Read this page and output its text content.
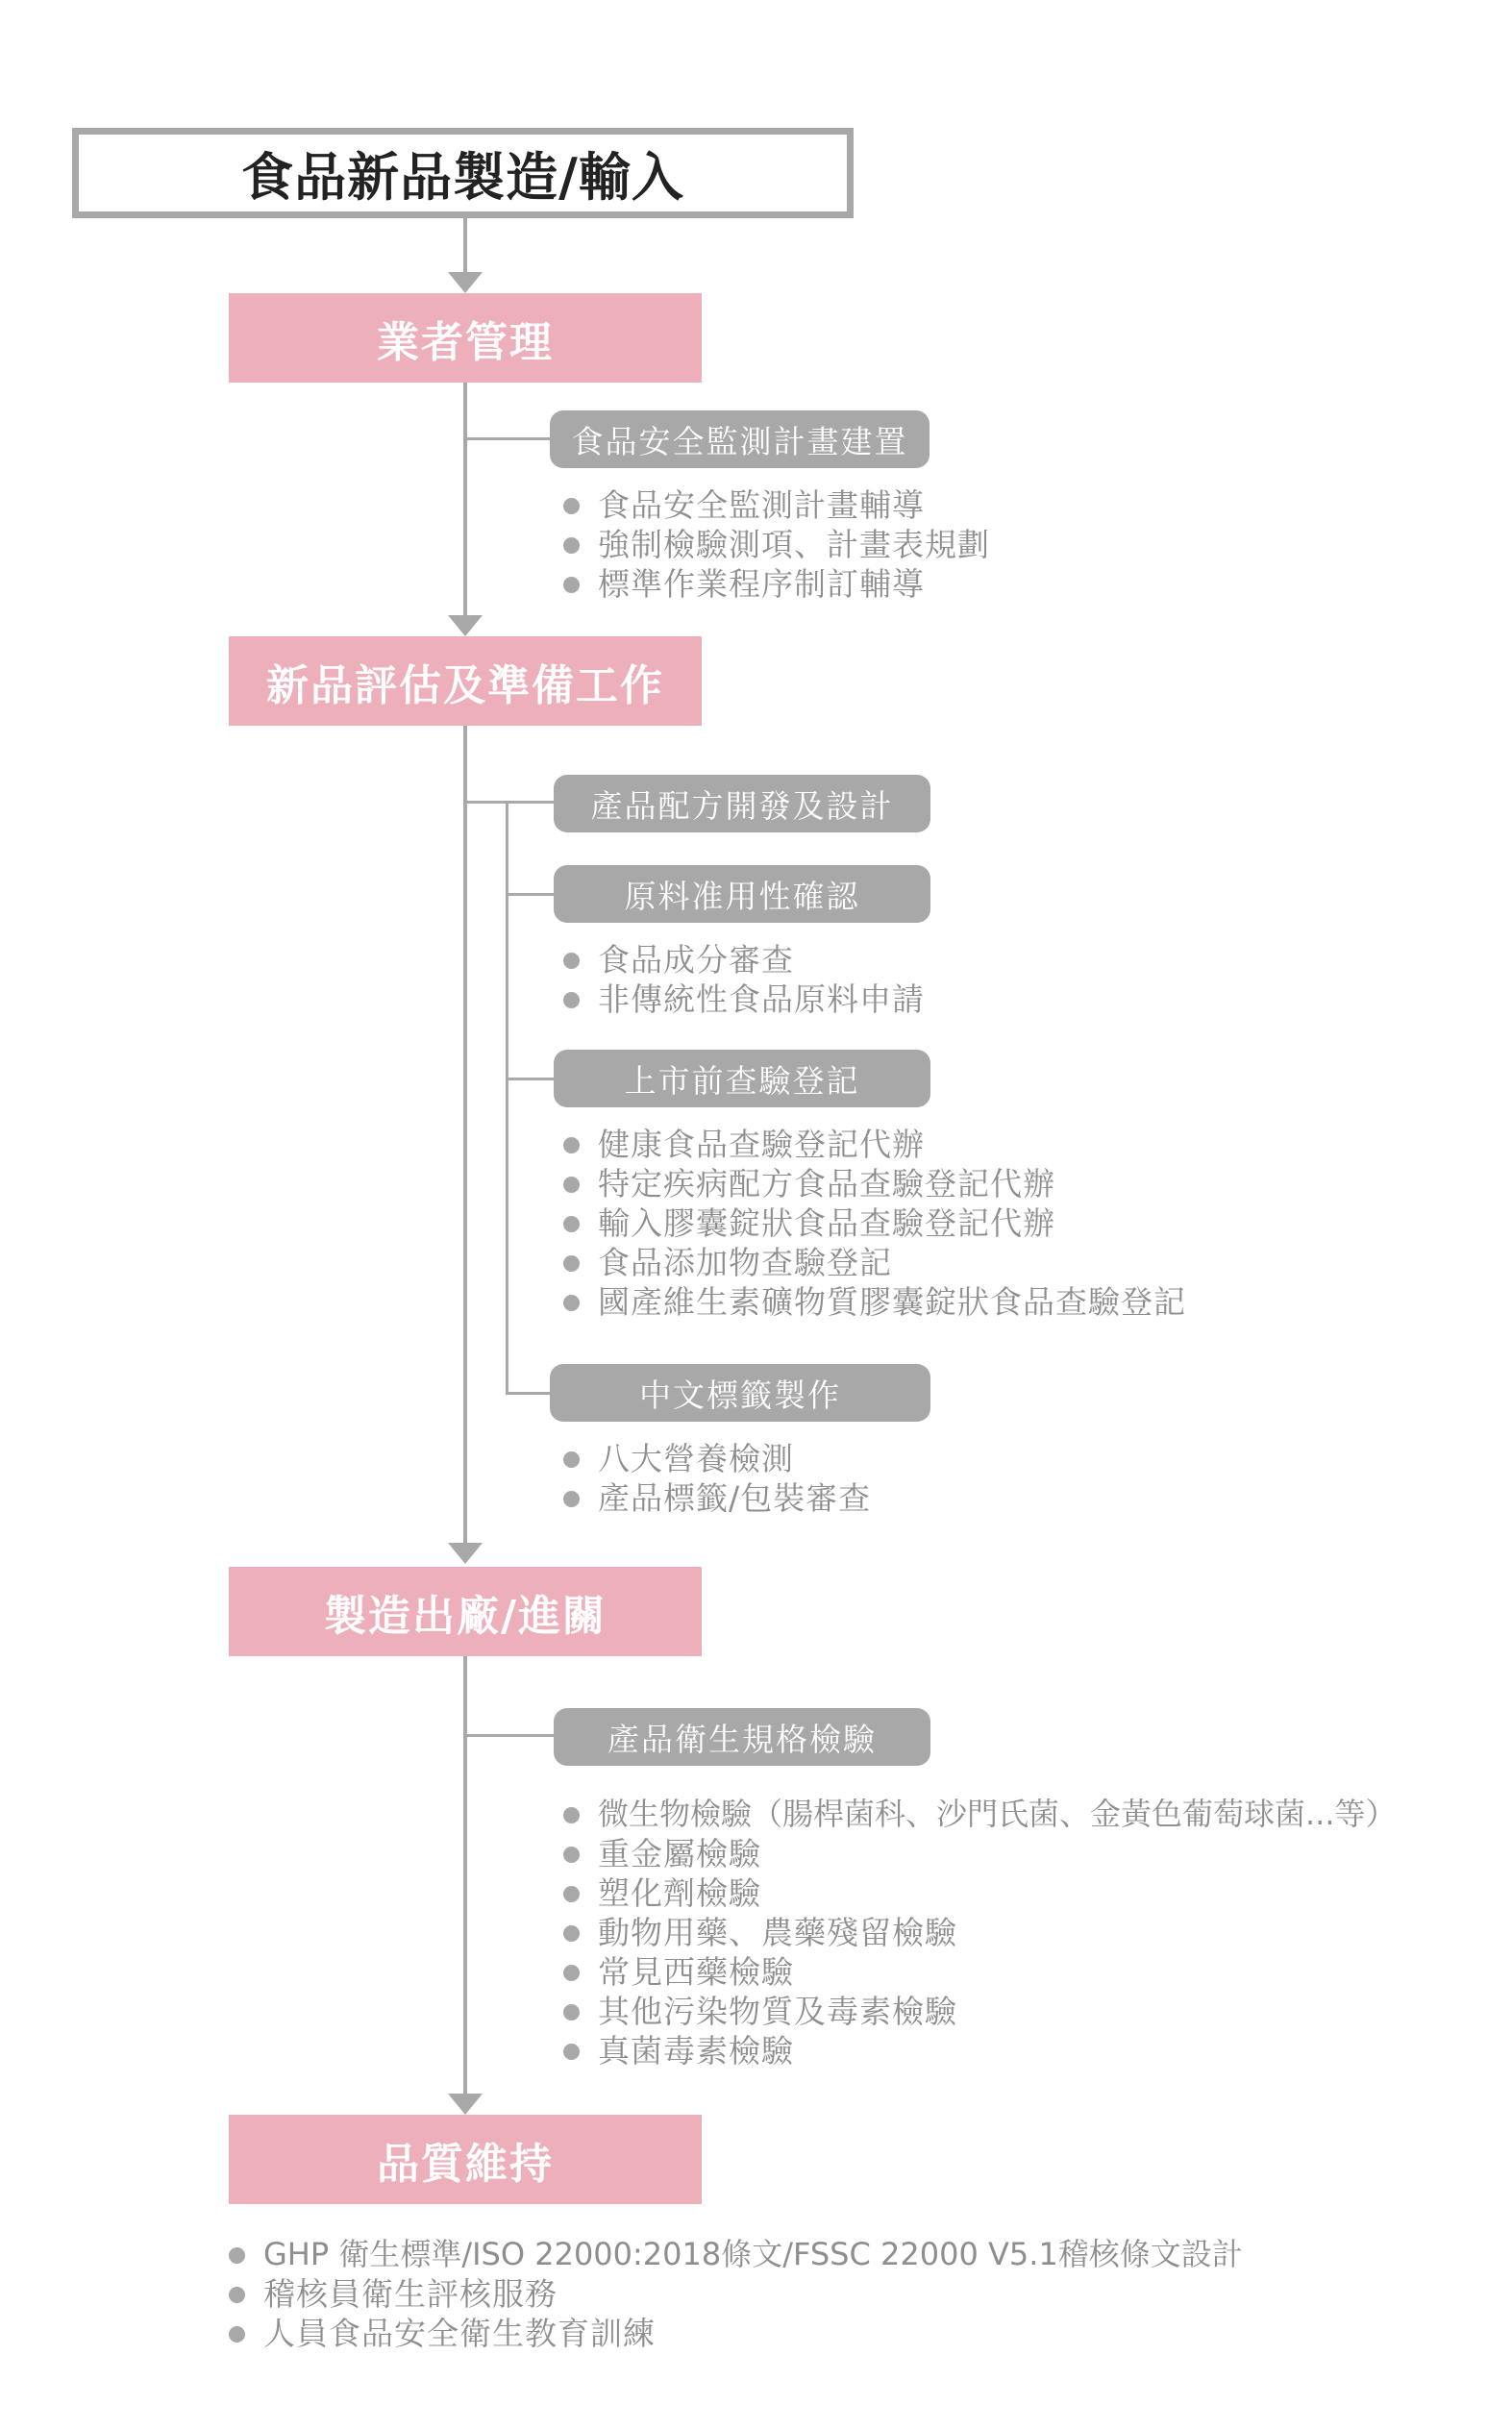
食品新品製造/輸入
業者管理
食品安全監測計畫建置
食品安全監測計畫輔導
強制檢驗測項、計畫表規劃
標準作業程序制訂輔導
新品評估及準備工作
產品配方開發及設計
原料准用性確認
食品成分審查
非傳統性食品原料申請
上市前查驗登記
健康食品查驗登記代辦
特定疾病配方食品查驗登記代辦
輸入膠囊錠狀食品查驗登記代辦
食品添加物查驗登記
國產維生素礦物質膠囊錠狀食品查驗登記
中文標籤製作
八大營養檢測
產品標籤/包裝審查
製造出廠/進關
產品衛生規格檢驗
微生物檢驗（腸桿菌科、沙門氏菌、金黃色葡萄球菌...等）
重金屬檢驗
塑化劑檢驗
動物用藥、農藥殘留檢驗
常見西藥檢驗
其他污染物質及毒素檢驗
真菌毒素檢驗
品質維持
GHP 衛生標準/ISO 22000:2018條文/FSSC 22000 V5.1稽核條文設計
稽核員衛生評核服務
人員食品安全衛生教育訓練
